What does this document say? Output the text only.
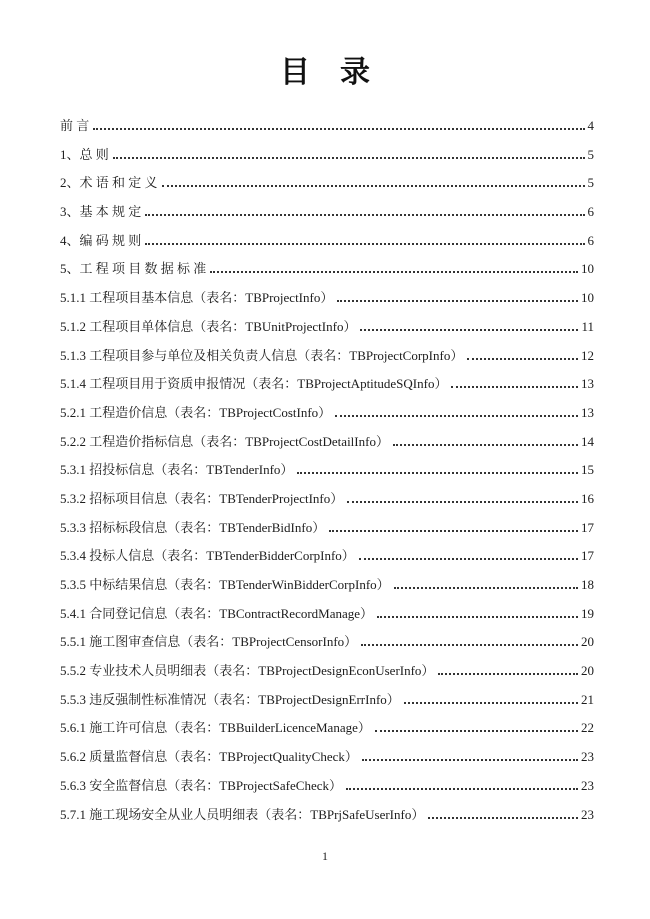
目　录
前 言	4
1、总 则	5
2、术 语 和 定 义	5
3、基 本 规 定	6
4、编 码 规 则	6
5、工 程 项 目 数 据 标 准	10
5.1.1 工程项目基本信息（表名：TBProjectInfo）	10
5.1.2 工程项目单体信息（表名：TBUnitProjectInfo）	11
5.1.3 工程项目参与单位及相关负责人信息（表名：TBProjectCorpInfo）	12
5.1.4 工程项目用于资质申报情况（表名：TBProjectAptitudeSQInfo）	13
5.2.1 工程造价信息（表名：TBProjectCostInfo）	13
5.2.2 工程造价指标信息（表名：TBProjectCostDetailInfo）	14
5.3.1 招投标信息（表名：TBTenderInfo）	15
5.3.2 招标项目信息（表名：TBTenderProjectInfo）	16
5.3.3 招标标段信息（表名：TBTenderBidInfo）	17
5.3.4 投标人信息（表名：TBTenderBidderCorpInfo）	17
5.3.5 中标结果信息（表名：TBTenderWinBidderCorpInfo）	18
5.4.1 合同登记信息（表名：TBContractRecordManage）	19
5.5.1 施工图审查信息（表名：TBProjectCensorInfo）	20
5.5.2 专业技术人员明细表（表名：TBProjectDesignEconUserInfo）	20
5.5.3 违反强制性标准情况（表名：TBProjectDesignErrInfo）	21
5.6.1 施工许可信息（表名：TBBuilderLicenceManage）	22
5.6.2 质量监督信息（表名：TBProjectQualityCheck）	23
5.6.3 安全监督信息（表名：TBProjectSafeCheck）	23
5.7.1 施工现场安全从业人员明细表（表名：TBPrjSafeUserInfo）	23
1
